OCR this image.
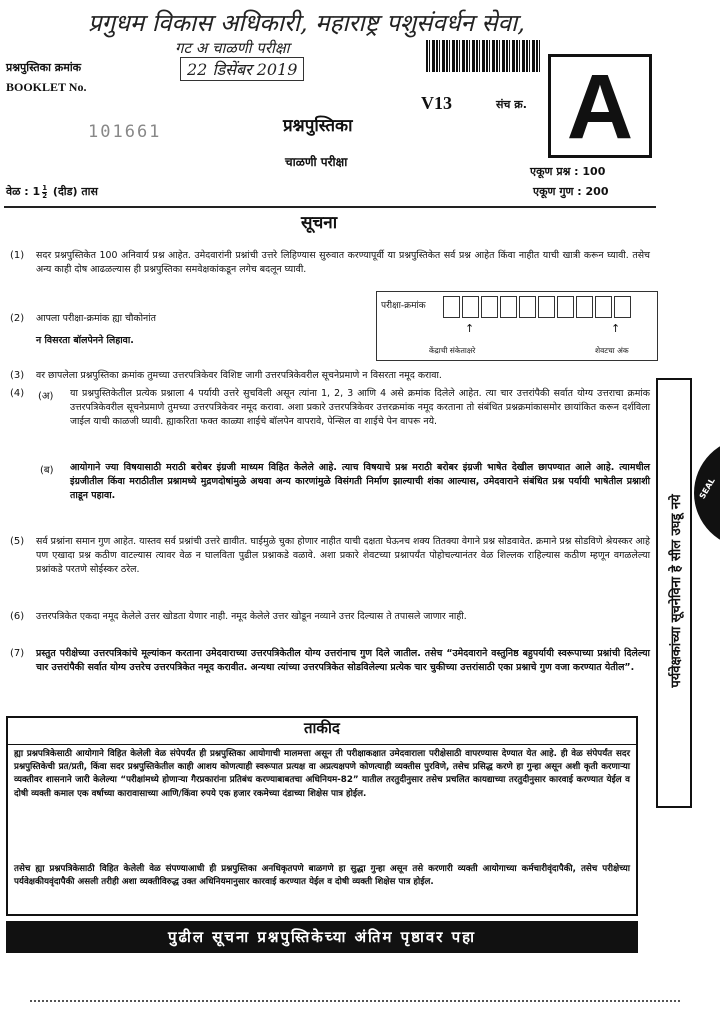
प्रगुधम विकास अधिकारी, महाराष्ट्र पशुसंवर्धन सेवा,
गट अ चाळणी परीक्षा
22 डिसेंबर 2019
प्रश्नपुस्तिका क्रमांक
BOOKLET No.
101661
V13	संच क्र. A
प्रश्नपुस्तिका
चाळणी परीक्षा
एकूण प्रश्न : 100
एकूण गुण : 200
वेळ : $1 \frac{1}{2}$ (दीड) तास
सूचना
(1) सदर प्रश्नपुस्तिकेत 100 अनिवार्य प्रश्न आहेत. उमेदवारांनी प्रश्नांची उत्तरे लिहिण्यास सुरुवात करण्यापूर्वी या प्रश्नपुस्तिकेत सर्व प्रश्न आहेत किंवा नाहीत याची खात्री करून घ्यावी. तसेच अन्य काही दोष आढळल्यास ही प्रश्नपुस्तिका समवेक्षकांकडून लगेच बदलून घ्यावी.
(2) आपला परीक्षा-क्रमांक ह्या चौकोनांत
न विसरता बॉलपेनने लिहावा.
परीक्षा-क्रमांक
↑	↑
केंद्राची संकेताक्षरे	शेवटचा अंक
(3) वर छापलेला प्रश्नपुस्तिका क्रमांक तुमच्या उत्तरपत्रिकेवर विशिष्ट जागी उत्तरपत्रिकेवरील सूचनेप्रमाणे न विसरता नमूद करावा.
(4) (अ) या प्रश्नपुस्तिकेतील प्रत्येक प्रश्नाला 4 पर्यायी उत्तरे सुचविली असून त्यांना 1, 2, 3 आणि 4 असे क्रमांक दिलेले आहेत. त्या चार उत्तरांपैकी सर्वात योग्य उत्तराचा क्रमांक उत्तरपत्रिकेवरील सूचनेप्रमाणे तुमच्या उत्तरपत्रिकेवर नमूद करावा. अशा प्रकारे उत्तरपत्रिकेवर उत्तरक्रमांक नमूद करताना तो संबंधित प्रश्नक्रमांकासमोर छायांकित करून दर्शविला जाईल याची काळजी घ्यावी. ह्याकरिता फक्त काळ्या शाईचे बॉलपेन वापरावे, पेन्सिल वा शाईचे पेन वापरू नये.
(ब) आयोगाने ज्या विषयासाठी मराठी बरोबर इंग्रजी माध्यम विहित केलेले आहे. त्याच विषयाचे प्रश्न मराठी बरोबर इंग्रजी भाषेत देखील छापण्यात आले आहे. त्यामधील इंग्रजीतील किंवा मराठीतील प्रश्नामध्ये मुद्रणदोषांमुळे अथवा अन्य कारणांमुळे विसंगती निर्माण झाल्याची शंका आल्यास, उमेदवाराने संबंधित प्रश्न पर्यायी भाषेतील प्रश्नाशी ताडून पहावा.
(5) सर्व प्रश्नांना समान गुण आहेत. यास्तव सर्व प्रश्नांची उत्तरे द्यावीत. घाईमुळे चुका होणार नाहीत याची दक्षता घेऊनच शक्य तितक्या वेगाने प्रश्न सोडवावेत. क्रमाने प्रश्न सोडविणे श्रेयस्कर आहे पण एखादा प्रश्न कठीण वाटल्यास त्यावर वेळ न घालविता पुढील प्रश्नाकडे वळावे. अशा प्रकारे शेवटच्या प्रश्नापर्यंत पोहोचल्यानंतर वेळ शिल्लक राहिल्यास कठीण म्हणून वगळलेल्या प्रश्नांकडे परतणे सोईस्कर ठरेल.
(6) उत्तरपत्रिकेत एकदा नमूद केलेले उत्तर खोडता येणार नाही. नमूद केलेले उत्तर खोडून नव्याने उत्तर दिल्यास ते तपासले जाणार नाही.
(7) प्रस्तुत परीक्षेच्या उत्तरपत्रिकांचे मूल्यांकन करताना उमेदवाराच्या उत्तरपत्रिकेतील योग्य उत्तरांनाच गुण दिले जातील. तसेच “उमेदवाराने वस्तुनिष्ठ बहुपर्यायी स्वरूपाच्या प्रश्नांची दिलेल्या चार उत्तरांपैकी सर्वात योग्य उत्तरेच उत्तरपत्रिकेत नमूद करावीत. अन्यथा त्यांच्या उत्तरपत्रिकेत सोडविलेल्या प्रत्येक चार चुकीच्या उत्तरांसाठी एका प्रश्नाचे गुण वजा करण्यात येतील”.
ताकीद
ह्या प्रश्नपत्रिकेसाठी आयोगाने विहित केलेली वेळ संपेपर्यंत ही प्रश्नपुस्तिका आयोगाची मालमत्ता असून ती परीक्षाकक्षात उमेदवाराला परीक्षेसाठी वापरण्यास देण्यात येत आहे. ही वेळ संपेपर्यंत सदर प्रश्नपुस्तिकेची प्रत/प्रती, किंवा सदर प्रश्नपुस्तिकेतील काही आशय कोणत्याही स्वरूपात प्रत्यक्ष वा अप्रत्यक्षपणे कोणत्याही व्यक्तीस पुरविणे, तसेच प्रसिद्ध करणे हा गुन्हा असून अशी कृती करणाऱ्या व्यक्तीवर शासनाने जारी केलेल्या “परीक्षांमध्ये होणाऱ्या गैरप्रकारांना प्रतिबंध करण्याबाबतचा अधिनियम-82” यातील तरतुदीनुसार तसेच प्रचलित कायद्याच्या तरतुदीनुसार कारवाई करण्यात येईल व दोषी व्यक्ती कमाल एक वर्षाच्या कारावासाच्या आणि/किंवा रुपये एक हजार रकमेच्या दंडाच्या शिक्षेस पात्र होईल.
तसेच ह्या प्रश्नपत्रिकेसाठी विहित केलेली वेळ संपण्याआधी ही प्रश्नपुस्तिका अनधिकृतपणे बाळगणे हा सुद्धा गुन्हा असून तसे करणारी व्यक्ती आयोगाच्या कर्मचारीवृंदापैकी, तसेच परीक्षेच्या पर्यवेक्षकीयवृंदापैकी असली तरीही अशा व्यक्तीविरुद्ध उक्त अधिनियमानुसार कारवाई करण्यात येईल व दोषी व्यक्ती शिक्षेस पात्र होईल.
पर्यवेक्षकांच्या सूचनेविना हे सील उघडू नये
SEAL
पुढील सूचना प्रश्नपुस्तिकेच्या अंतिम पृष्ठावर पहा
